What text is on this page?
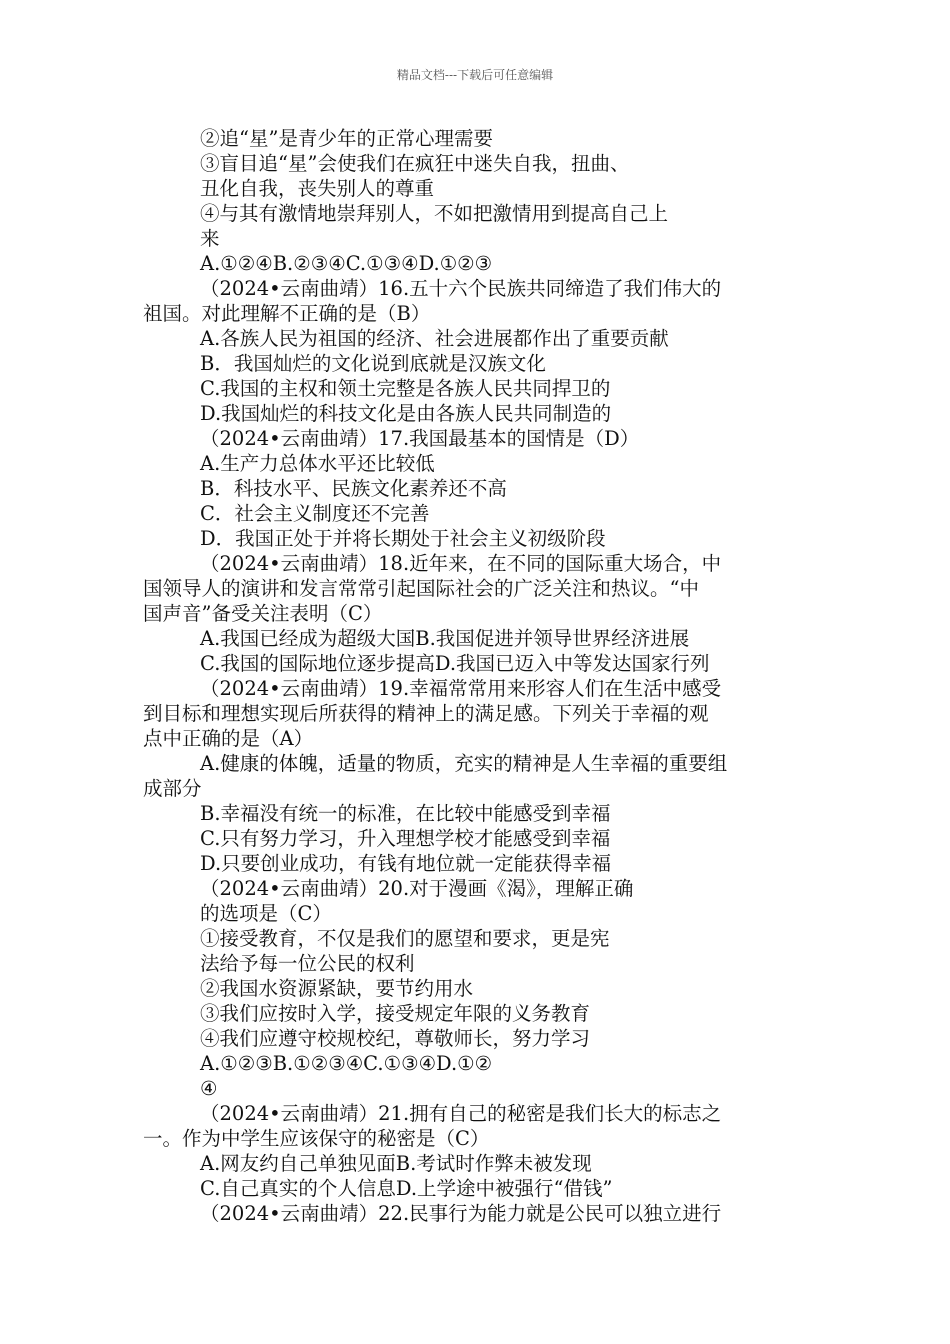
精品文档---下载后可任意编辑
②追“星”是青少年的正常心理需要
③盲目追“星”会使我们在疯狂中迷失自我，扭曲、
丑化自我，丧失别人的尊重
④与其有激情地崇拜别人，不如把激情用到提高自己上
来
A.①②④B.②③④C.①③④D.①②③
（2024•云南曲靖）16.五十六个民族共同缔造了我们伟大的
祖国。对此理解不正确的是（B）
A.各族人民为祖国的经济、社会进展都作出了重要贡献
B．我国灿烂的文化说到底就是汉族文化
C.我国的主权和领土完整是各族人民共同捍卫的
D.我国灿烂的科技文化是由各族人民共同制造的
（2024•云南曲靖）17.我国最基本的国情是（D）
A.生产力总体水平还比较低
B．科技水平、民族文化素养还不高
C．社会主义制度还不完善
D．我国正处于并将长期处于社会主义初级阶段
（2024•云南曲靖）18.近年来，在不同的国际重大场合，中
国领导人的演讲和发言常常引起国际社会的广泛关注和热议。“中
国声音”备受关注表明（C）
A.我国已经成为超级大国B.我国促进并领导世界经济进展
C.我国的国际地位逐步提高D.我国已迈入中等发达国家行列
（2024•云南曲靖）19.幸福常常用来形容人们在生活中感受
到目标和理想实现后所获得的精神上的满足感。下列关于幸福的观
点中正确的是（A）
A.健康的体魄，适量的物质，充实的精神是人生幸福的重要组
成部分
B.幸福没有统一的标准，在比较中能感受到幸福
C.只有努力学习，升入理想学校才能感受到幸福
D.只要创业成功，有钱有地位就一定能获得幸福
（2024•云南曲靖）20.对于漫画《渴》，理解正确
的选项是（C）
①接受教育，不仅是我们的愿望和要求，更是宪
法给予每一位公民的权利
②我国水资源紧缺，要节约用水
③我们应按时入学，接受规定年限的义务教育
④我们应遵守校规校纪，尊敬师长，努力学习
A.①②③B.①②③④C.①③④D.①②
④
（2024•云南曲靖）21.拥有自己的秘密是我们长大的标志之
一。作为中学生应该保守的秘密是（C）
A.网友约自己单独见面B.考试时作弊未被发现
C.自己真实的个人信息D.上学途中被强行“借钱”
（2024•云南曲靖）22.民事行为能力就是公民可以独立进行
